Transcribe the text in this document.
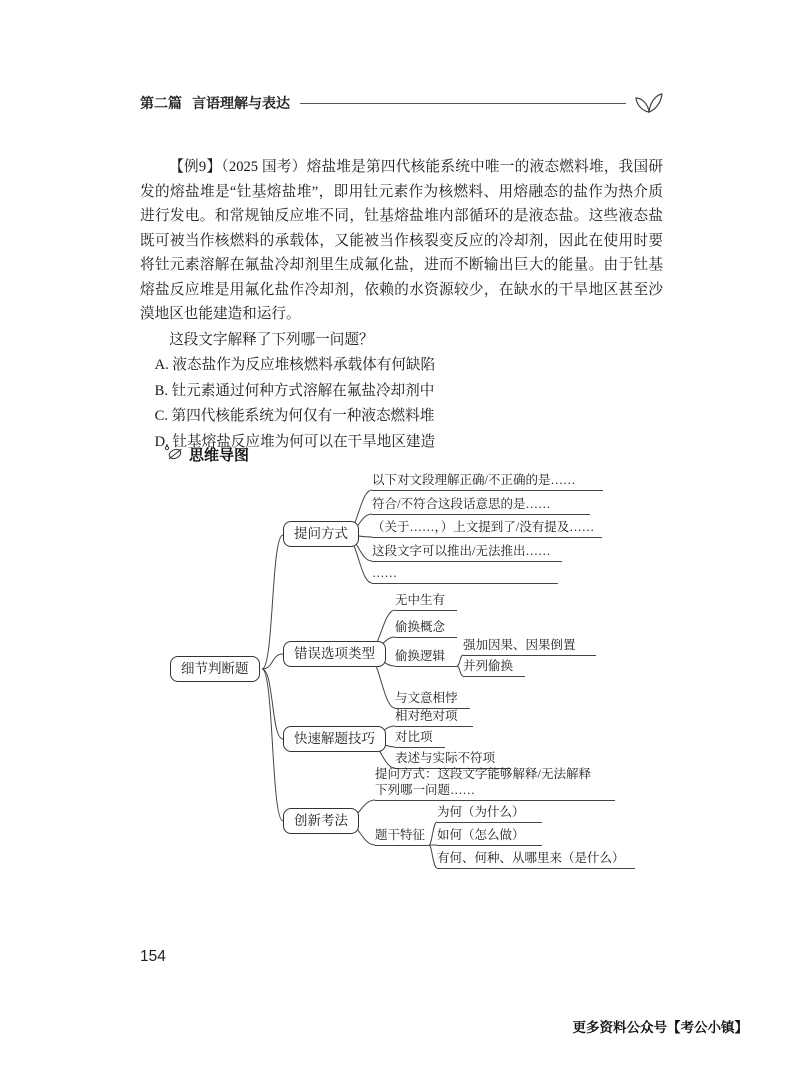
第二篇 言语理解与表达

【例9】（2025 国考）熔盐堆是第四代核能系统中唯一的液态燃料堆，我国研发的熔盐堆是“钍基熔盐堆”，即用钍元素作为核燃料、用熔融态的盐作为热介质进行发电。和常规铀反应堆不同，钍基熔盐堆内部循环的是液态盐。这些液态盐既可被当作核燃料的承载体，又能被当作核裂变反应的冷却剂，因此在使用时要将钍元素溶解在氟盐冷却剂里生成氟化盐，进而不断输出巨大的能量。由于钍基熔盐反应堆是用氟化盐作冷却剂，依赖的水资源较少，在缺水的干旱地区甚至沙漠地区也能建造和运行。

这段文字解释了下列哪一问题？

A. 液态盐作为反应堆核燃料承载体有何缺陷

B. 钍元素通过何种方式溶解在氟盐冷却剂中

C. 第四代核能系统为何仅有一种液态燃料堆

D. 钍基熔盐反应堆为何可以在干旱地区建造

思维导图
细节判断题
提问方式
错误选项类型
快速解题技巧
创新考法
以下对文段理解正确/不正确的是……
符合/不符合这段话意思的是……
（关于……，）上文提到了/没有提及……
这段文字可以推出/无法推出……
……
无中生有
偷换概念
偷换逻辑
与文意相悖
强加因果、因果倒置
并列偷换
相对绝对项
对比项
表述与实际不符项
提问方式：这段文字能够解释/无法解释
下列哪一问题……
题干特征
为何（为什么）
如何（怎么做）
有何、何种、从哪里来（是什么）
154
更多资料公众号【考公小镇】
